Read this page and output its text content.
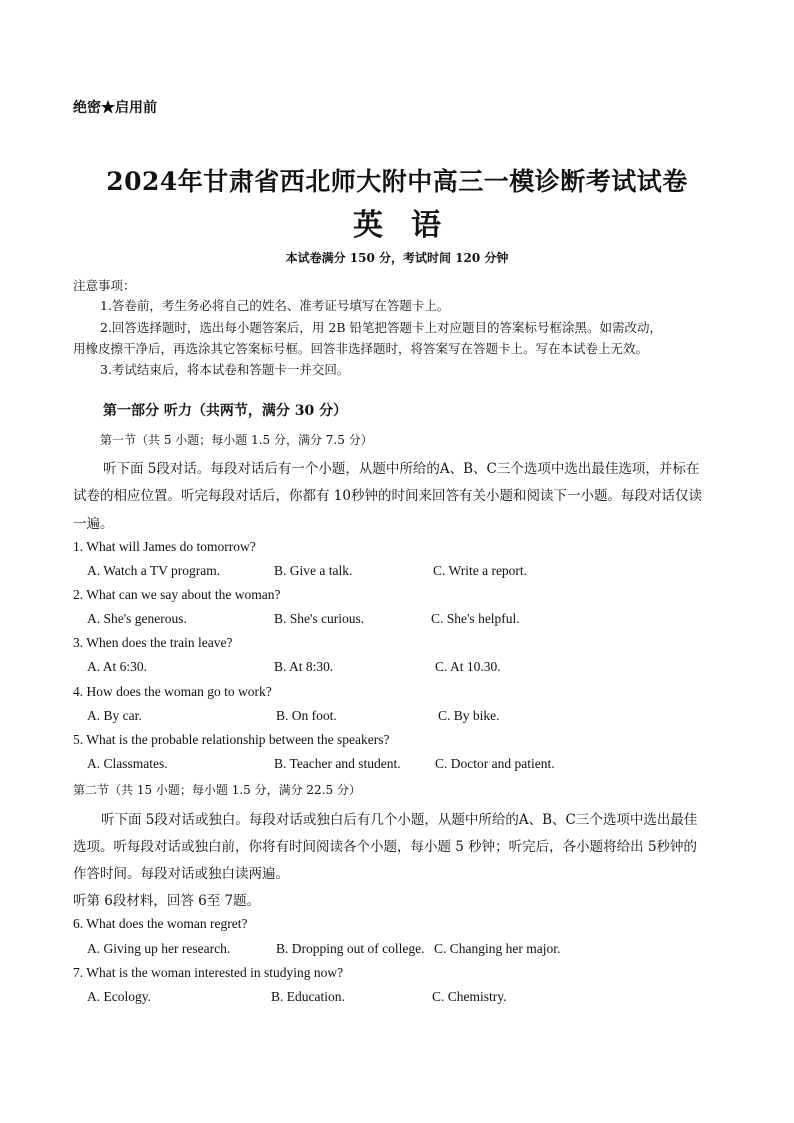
绝密★启用前
2024年甘肃省西北师大附中高三一模诊断考试试卷
英语
本试卷满分 150 分，考试时间 120 分钟
注意事项：
1.答卷前，考生务必将自己的姓名、准考证号填写在答题卡上。
2.回答选择题时，选出每小题答案后，用 2B 铅笔把答题卡上对应题目的答案标号框涂黑。如需改动，
用橡皮擦干净后，再选涂其它答案标号框。回答非选择题时，将答案写在答题卡上。写在本试卷上无效。
3.考试结束后，将本试卷和答题卡一并交回。
第一部分 听力（共两节，满分 30 分）
第一节（共 5 小题；每小题 1.5 分，满分 7.5 分）
听下面 5段对话。每段对话后有一个小题，从题中所给的A、B、C三个选项中选出最佳选项，并标在
试卷的相应位置。听完每段对话后，你都有 10秒钟的时间来回答有关小题和阅读下一小题。每段对话仅读
一遍。
1. What will James do tomorrow?
A. Watch a TV program.	B. Give a talk.	C. Write a report.
2. What can we say about the woman?
A. She's generous.	B. She's curious.	C. She's helpful.
3. When does the train leave?
A. At 6:30.	B. At 8:30.	C. At 10.30.
4. How does the woman go to work?
A. By car.	B. On foot.	C. By bike.
5. What is the probable relationship between the speakers?
A. Classmates.	B. Teacher and student.	C. Doctor and patient.
第二节（共 15 小题；每小题 1.5 分，满分 22.5 分）
听下面 5段对话或独白。每段对话或独白后有几个小题，从题中所给的A、B、C三个选项中选出最佳
选项。听每段对话或独白前，你将有时间阅读各个小题，每小题 5 秒钟；听完后，各小题将给出 5秒钟的
作答时间。每段对话或独白读两遍。
听第 6段材料，回答 6至 7题。
6. What does the woman regret?
A. Giving up her research.	B. Dropping out of college. C. Changing her major.
7. What is the woman interested in studying now?
A. Ecology.	B. Education.	C. Chemistry.
